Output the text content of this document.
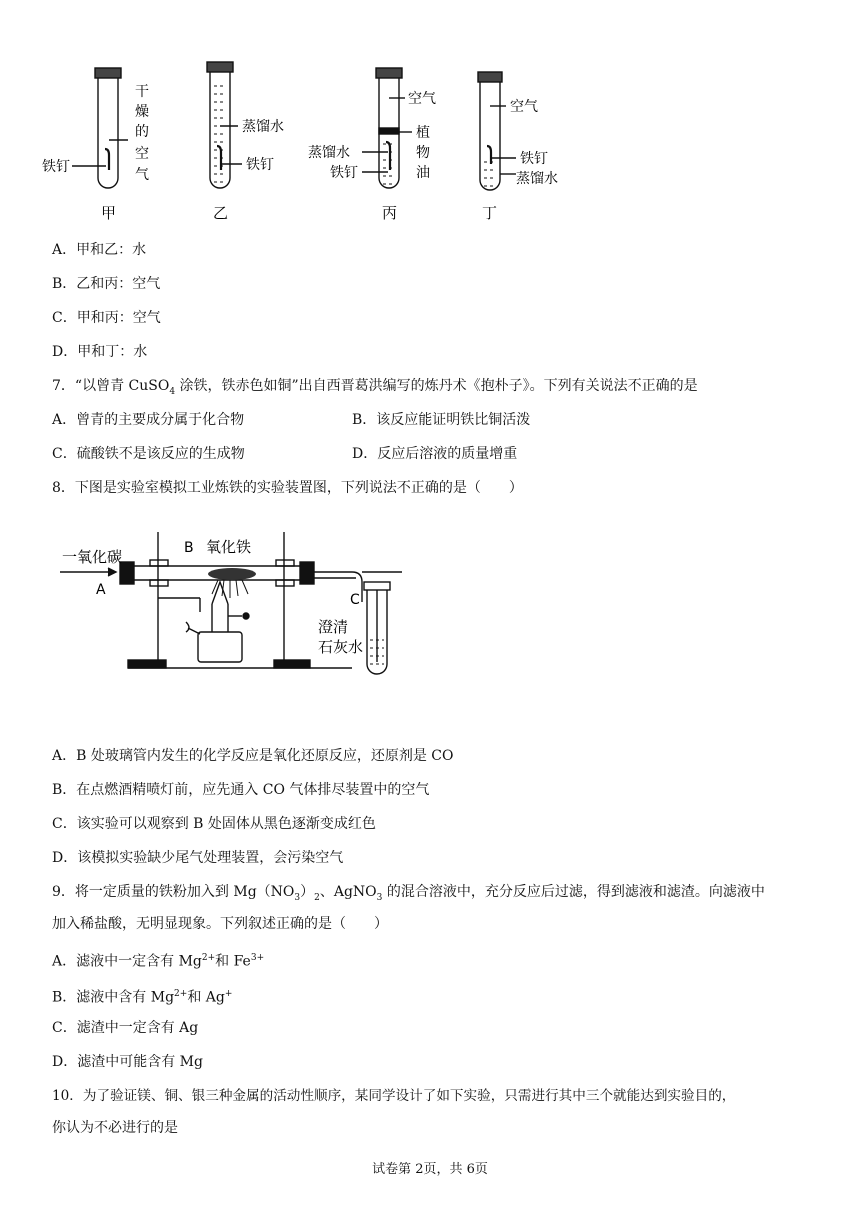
干
燥
的
空
气
铁钉
蒸馏水
铁钉
空气
植
物
油
蒸馏水
铁钉
空气
铁钉
蒸馏水
甲	乙	丙	丁
A．甲和乙：水
B．乙和丙：空气
C．甲和丙：空气
D．甲和丁：水
7．“以曾青 CuSO$_4$ 涂铁，铁赤色如铜”出自西晋葛洪编写的炼丹术《抱朴子》。下列有关说法不正确的是
A．曾青的主要成分属于化合物	B．该反应能证明铁比铜活泼
C．硫酸铁不是该反应的生成物	D．反应后溶液的质量增重
8．下图是实验室模拟工业炼铁的实验装置图，下列说法不正确的是（　　）
一氧化碳
A
B 氧化铁
C
澄清
石灰水
A．B 处玻璃管内发生的化学反应是氧化还原反应，还原剂是 CO
B．在点燃酒精喷灯前，应先通入 CO 气体排尽装置中的空气
C．该实验可以观察到 B 处固体从黑色逐渐变成红色
D．该模拟实验缺少尾气处理装置，会污染空气
9．将一定质量的铁粉加入到 $Mg(NO_3)_2$、AgNO$_3$ 的混合溶液中，充分反应后过滤，得到滤液和滤渣。向滤液中
加入稀盐酸，无明显现象。下列叙述正确的是（　　）
A．滤液中一定含有 $Mg^{2+}$和 $Fe^{3+}$
B．滤液中含有 $Mg^{2+}$和 Ag+
C．滤渣中一定含有 Ag
D．滤渣中可能含有 Mg
10．为了验证镁、铜、银三种金属的活动性顺序，某同学设计了如下实验，只需进行其中三个就能达到实验目的，
你认为不必进行的是
试卷第 2页，共 6页
